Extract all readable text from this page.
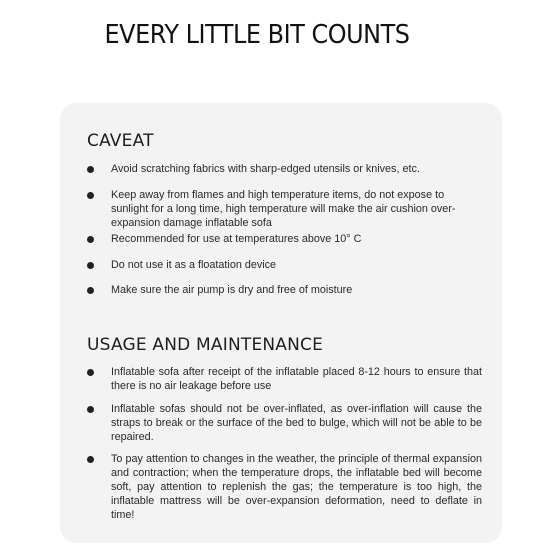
EVERY LITTLE BIT COUNTS
CAVEAT
Avoid scratching fabrics with sharp-edged utensils or knives, etc.
Keep away from flames and high temperature items, do not expose to sunlight for a long time, high temperature will make the air cushion over-expansion damage inflatable sofa
Recommended for use at temperatures above 10° C
Do not use it as a floatation device
Make sure the air pump is dry and free of moisture
USAGE AND MAINTENANCE
Inflatable sofa after receipt of the inflatable placed 8-12 hours to ensure that there is no air leakage before use
Inflatable sofas should not be over-inflated, as over-inflation will cause the straps to break or the surface of the bed to bulge, which will not be able to be repaired.
To pay attention to changes in the weather, the principle of thermal expansion and contraction; when the temperature drops, the inflatable bed will become soft, pay attention to replenish the gas; the temperature is too high, the inflatable mattress will be over-expansion deformation, need to deflate in time!
